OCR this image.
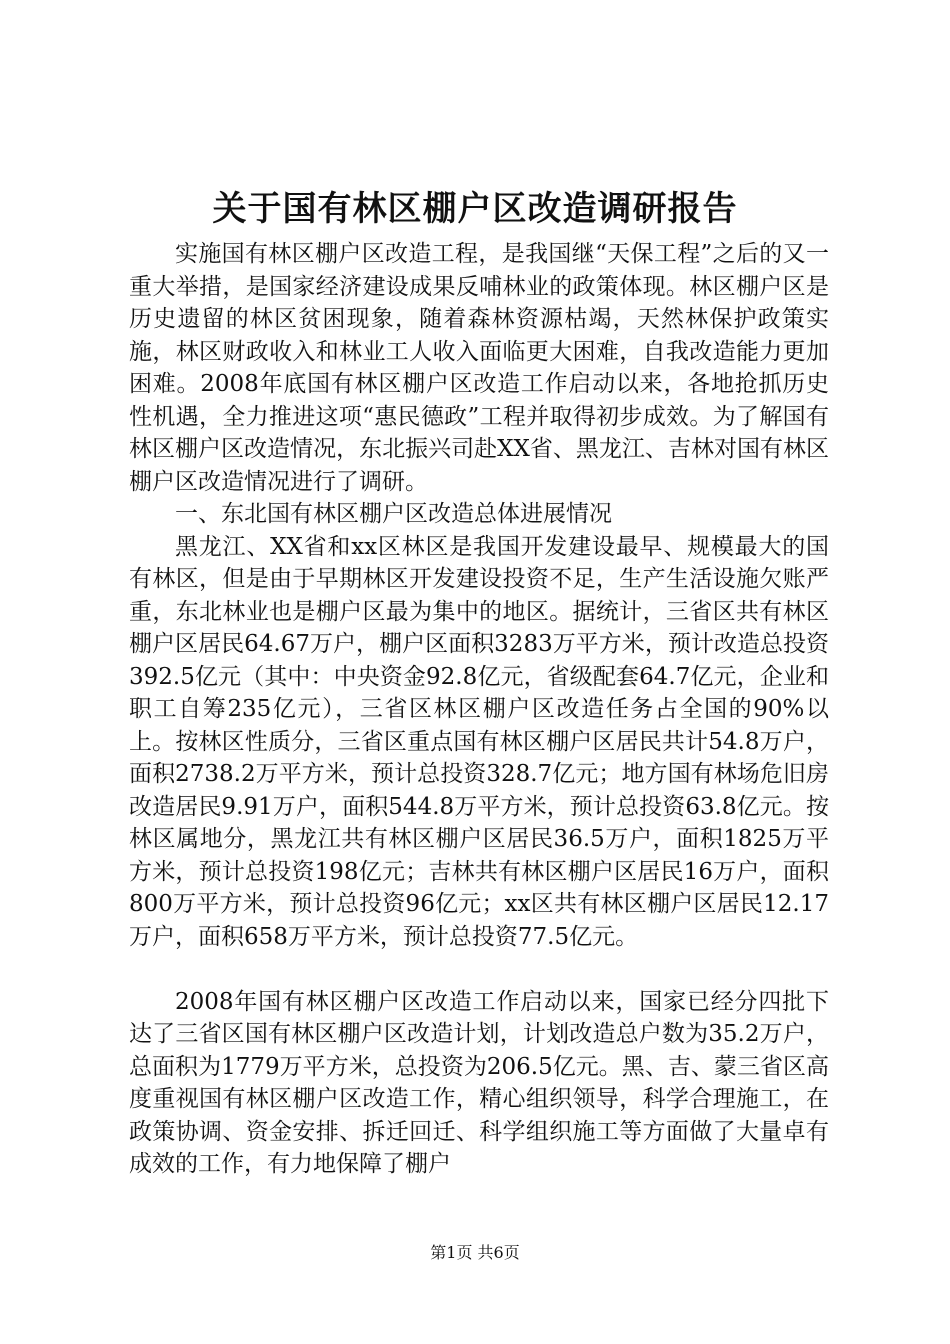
关于国有林区棚户区改造调研报告

实施国有林区棚户区改造工程，是我国继“天保工程”之后的又一重大举措，是国家经济建设成果反哺林业的政策体现。林区棚户区是历史遗留的林区贫困现象，随着森林资源枯竭，天然林保护政策实施，林区财政收入和林业工人收入面临更大困难，自我改造能力更加困难。2008年底国有林区棚户区改造工作启动以来，各地抢抓历史性机遇，全力推进这项“惠民德政”工程并取得初步成效。为了解国有林区棚户区改造情况，东北振兴司赴XX省、黑龙江、吉林对国有林区棚户区改造情况进行了调研。

一、东北国有林区棚户区改造总体进展情况

黑龙江、XX省和xx区林区是我国开发建设最早、规模最大的国有林区，但是由于早期林区开发建设投资不足，生产生活设施欠账严重，东北林业也是棚户区最为集中的地区。据统计，三省区共有林区棚户区居民64.67万户，棚户区面积3283万平方米，预计改造总投资392.5亿元（其中：中央资金92.8亿元，省级配套64.7亿元，企业和职工自筹235亿元），三省区林区棚户区改造任务占全国的90%以上。按林区性质分，三省区重点国有林区棚户区居民共计54.8万户，面积2738.2万平方米，预计总投资328.7亿元；地方国有林场危旧房改造居民9.91万户，面积544.8万平方米，预计总投资63.8亿元。按林区属地分，黑龙江共有林区棚户区居民36.5万户，面积1825万平方米，预计总投资198亿元；吉林共有林区棚户区居民16万户，面积800万平方米，预计总投资96亿元；xx区共有林区棚户区居民12.17万户，面积658万平方米，预计总投资77.5亿元。

2008年国有林区棚户区改造工作启动以来，国家已经分四批下达了三省区国有林区棚户区改造计划，计划改造总户数为35.2万户，总面积为1779万平方米，总投资为206.5亿元。黑、吉、蒙三省区高度重视国有林区棚户区改造工作，精心组织领导，科学合理施工，在政策协调、资金安排、拆迁回迁、科学组织施工等方面做了大量卓有成效的工作，有力地保障了棚户

第1页 共6页
